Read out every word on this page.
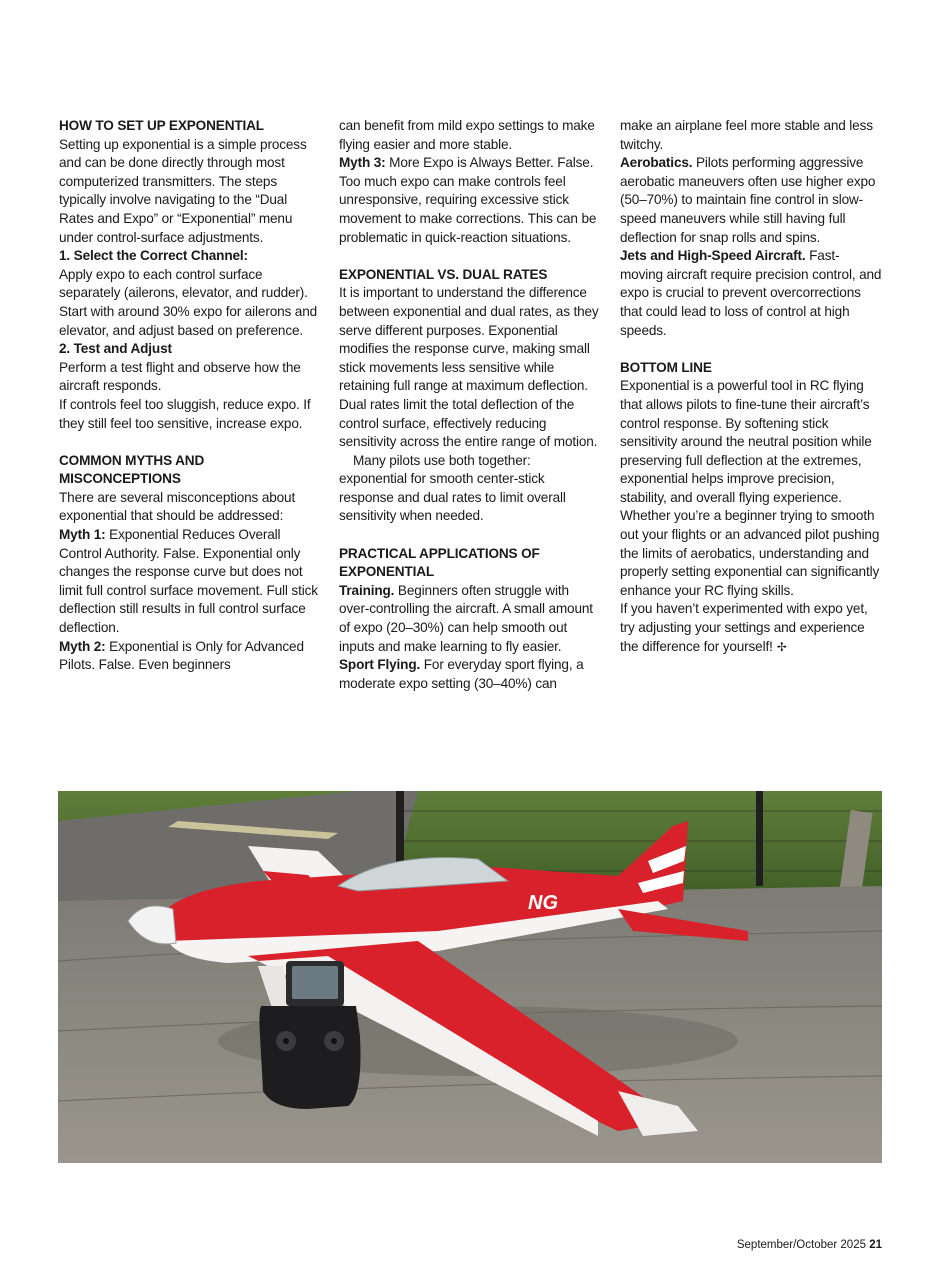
HOW TO SET UP EXPONENTIAL

Setting up exponential is a simple process and can be done directly through most computerized transmitters. The steps typically involve navigating to the “Dual Rates and Expo” or “Exponential” menu under control-surface adjustments.

1. Select the Correct Channel:

Apply expo to each control surface separately (ailerons, elevator, and rudder).

Start with around 30% expo for ailerons and elevator, and adjust based on preference.

2. Test and Adjust

Perform a test flight and observe how the aircraft responds.

If controls feel too sluggish, reduce expo. If they still feel too sensitive, increase expo.

COMMON MYTHS AND MISCONCEPTIONS

There are several misconceptions about exponential that should be addressed:

Myth 1: Exponential Reduces Overall Control Authority. False. Exponential only changes the response curve but does not limit full control surface movement. Full stick deflection still results in full control surface deflection.

Myth 2: Exponential is Only for Advanced Pilots. False. Even beginners

can benefit from mild expo settings to make flying easier and more stable.

Myth 3: More Expo is Always Better. False. Too much expo can make controls feel unresponsive, requiring excessive stick movement to make corrections. This can be problematic in quick-reaction situations.

EXPONENTIAL VS. DUAL RATES

It is important to understand the difference between exponential and dual rates, as they serve different purposes. Exponential modifies the response curve, making small stick movements less sensitive while retaining full range at maximum deflection. Dual rates limit the total deflection of the control surface, effectively reducing sensitivity across the entire range of motion.

Many pilots use both together: exponential for smooth center-stick response and dual rates to limit overall sensitivity when needed.

PRACTICAL APPLICATIONS OF EXPONENTIAL

Training. Beginners often struggle with over-controlling the aircraft. A small amount of expo (20–30%) can help smooth out inputs and make learning to fly easier.

Sport Flying. For everyday sport flying, a moderate expo setting (30–40%) can

make an airplane feel more stable and less twitchy.

Aerobatics. Pilots performing aggressive aerobatic maneuvers often use higher expo (50–70%) to maintain fine control in slow-speed maneuvers while still having full deflection for snap rolls and spins.

Jets and High-Speed Aircraft. Fast-moving aircraft require precision control, and expo is crucial to prevent overcorrections that could lead to loss of control at high speeds.

BOTTOM LINE

Exponential is a powerful tool in RC flying that allows pilots to fine-tune their aircraft’s control response. By softening stick sensitivity around the neutral position while preserving full deflection at the extremes, exponential helps improve precision, stability, and overall flying experience. Whether you’re a beginner trying to smooth out your flights or an advanced pilot pushing the limits of aerobatics, understanding and properly setting exponential can significantly enhance your RC flying skills.

If you haven’t experimented with expo yet, try adjusting your settings and experience the difference for yourself! ✢

NG
September/October 2025 21
